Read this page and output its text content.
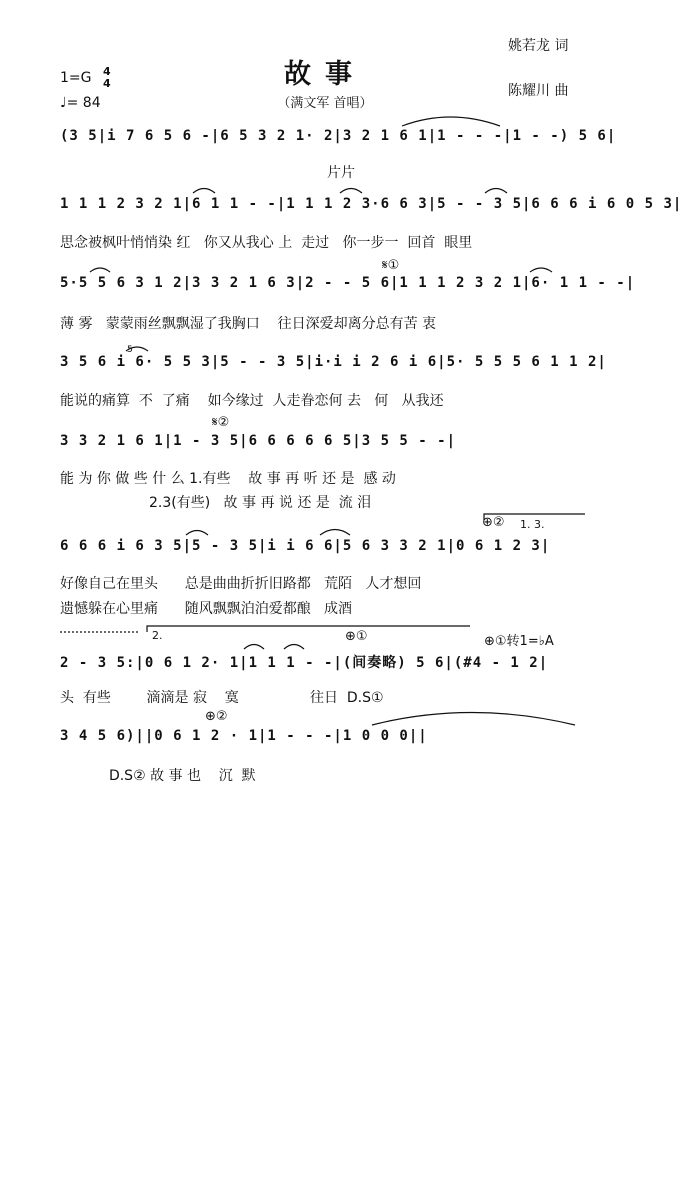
故事
（满文军 首唱）
姚若龙 词
陈耀川 曲
1=G 4
4
♩= 84
(3 5|i 7 6 5 6 -|6 5 3 2 1· 2|3 2 1 6 1|1 - - -|1 - -) 5 6|
片片
1 1 1 2 3 2 1|6 1 1 - -|1 1 1 2 3·6 6 3|5 - - 3 5|6 6 6 i 6 0 5 3|
思念被枫叶悄悄染 红   你又从我心 上  走过   你一步一  回首  眼里
5·5 5 6 3 1 2|3 3 2 1 6 3|2 - - 5 6|1 1 1 2 3 2 1|6· 1 1 - -|
薄 雾   蒙蒙雨丝飘飘湿了我胸口    往日深爱却离分总有苦 衷
3 5 6 i 6· 5 5 3|5 - - 3 5|i·i i 2 6 i 6|5· 5 5 5 6 1 1 2|
能说的痛算  不  了痛    如今缘过  人走眷恋何 去   何   从我还
3 3 2 1 6 1|1 - 3 5|6 6 6 6 6 5|3 5 5 - -|
能 为 你 做 些 什 么 1.有些    故 事 再 听 还 是  感 动
2.3(有些)   故 事 再 说 还 是  流 泪
6 6 6 i 6 3 5|5 - 3 5|i i 6 6|5 6 3 3 2 1|0 6 1 2 3|
好像自己在里头      总是曲曲折折旧路都   荒陌   人才想回
遗憾躲在心里痛      随风飘飘泊泊爱都酿   成酒
2 - 3 5:|0 6 1 2· 1|1 1 1 - -|(间奏略) 5 6|(#4 - 1 2|
头  有些        滴滴是 寂    寞                往日  D.S①
3 4 5 6)||0 6 1 2 · 1|1 - - -|1 0 0 0||
D.S② 故 事 也    沉  默
𝄋①
𝄋②
5
⊕② 1. 3.
2.	⊕①	⊕①转1=♭A
⊕②
